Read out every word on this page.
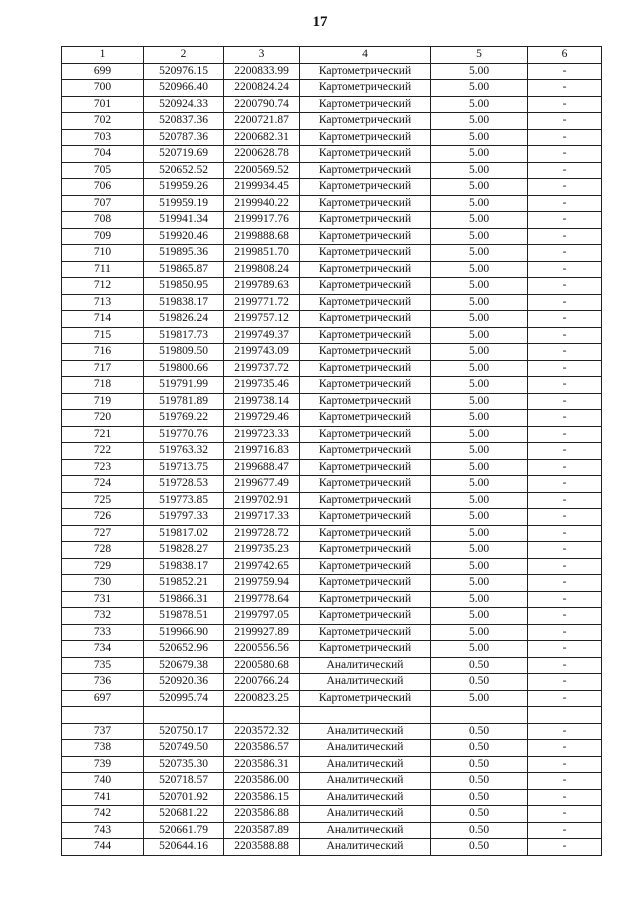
17
1	2	3	4	5	6
699	520976.15	2200833.99	Картометрический	5.00	-
700	520966.40	2200824.24	Картометрический	5.00	-
701	520924.33	2200790.74	Картометрический	5.00	-
702	520837.36	2200721.87	Картометрический	5.00	-
703	520787.36	2200682.31	Картометрический	5.00	-
704	520719.69	2200628.78	Картометрический	5.00	-
705	520652.52	2200569.52	Картометрический	5.00	-
706	519959.26	2199934.45	Картометрический	5.00	-
707	519959.19	2199940.22	Картометрический	5.00	-
708	519941.34	2199917.76	Картометрический	5.00	-
709	519920.46	2199888.68	Картометрический	5.00	-
710	519895.36	2199851.70	Картометрический	5.00	-
711	519865.87	2199808.24	Картометрический	5.00	-
712	519850.95	2199789.63	Картометрический	5.00	-
713	519838.17	2199771.72	Картометрический	5.00	-
714	519826.24	2199757.12	Картометрический	5.00	-
715	519817.73	2199749.37	Картометрический	5.00	-
716	519809.50	2199743.09	Картометрический	5.00	-
717	519800.66	2199737.72	Картометрический	5.00	-
718	519791.99	2199735.46	Картометрический	5.00	-
719	519781.89	2199738.14	Картометрический	5.00	-
720	519769.22	2199729.46	Картометрический	5.00	-
721	519770.76	2199723.33	Картометрический	5.00	-
722	519763.32	2199716.83	Картометрический	5.00	-
723	519713.75	2199688.47	Картометрический	5.00	-
724	519728.53	2199677.49	Картометрический	5.00	-
725	519773.85	2199702.91	Картометрический	5.00	-
726	519797.33	2199717.33	Картометрический	5.00	-
727	519817.02	2199728.72	Картометрический	5.00	-
728	519828.27	2199735.23	Картометрический	5.00	-
729	519838.17	2199742.65	Картометрический	5.00	-
730	519852.21	2199759.94	Картометрический	5.00	-
731	519866.31	2199778.64	Картометрический	5.00	-
732	519878.51	2199797.05	Картометрический	5.00	-
733	519966.90	2199927.89	Картометрический	5.00	-
734	520652.96	2200556.56	Картометрический	5.00	-
735	520679.38	2200580.68	Аналитический	0.50	-
736	520920.36	2200766.24	Аналитический	0.50	-
697	520995.74	2200823.25	Картометрический	5.00	-

737	520750.17	2203572.32	Аналитический	0.50	-
738	520749.50	2203586.57	Аналитический	0.50	-
739	520735.30	2203586.31	Аналитический	0.50	-
740	520718.57	2203586.00	Аналитический	0.50	-
741	520701.92	2203586.15	Аналитический	0.50	-
742	520681.22	2203586.88	Аналитический	0.50	-
743	520661.79	2203587.89	Аналитический	0.50	-
744	520644.16	2203588.88	Аналитический	0.50	-
